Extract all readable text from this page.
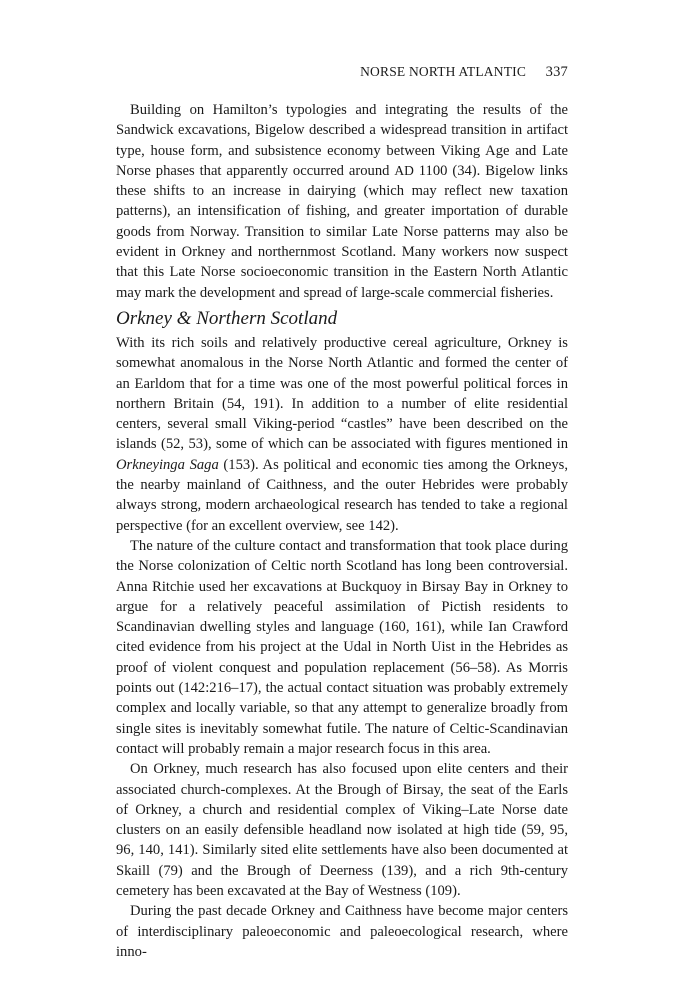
NORSE NORTH ATLANTIC 337

Building on Hamilton’s typologies and integrating the results of the Sandwick excavations, Bigelow described a widespread transition in artifact type, house form, and subsistence economy between Viking Age and Late Norse phases that apparently occurred around AD 1100 (34). Bigelow links these shifts to an increase in dairying (which may reflect new taxation patterns), an intensification of fishing, and greater importation of durable goods from Norway. Transition to similar Late Norse patterns may also be evident in Orkney and northernmost Scotland. Many workers now suspect that this Late Norse socioeconomic transition in the Eastern North Atlantic may mark the development and spread of large-scale commercial fisheries.

Orkney & Northern Scotland

With its rich soils and relatively productive cereal agriculture, Orkney is somewhat anomalous in the Norse North Atlantic and formed the center of an Earldom that for a time was one of the most powerful political forces in northern Britain (54, 191). In addition to a number of elite residential centers, several small Viking-period “castles” have been described on the islands (52, 53), some of which can be associated with figures mentioned in Orkneyinga Saga (153). As political and economic ties among the Orkneys, the nearby mainland of Caithness, and the outer Hebrides were probably always strong, modern archaeological research has tended to take a regional perspective (for an excellent overview, see 142).

The nature of the culture contact and transformation that took place during the Norse colonization of Celtic north Scotland has long been controversial. Anna Ritchie used her excavations at Buckquoy in Birsay Bay in Orkney to argue for a relatively peaceful assimilation of Pictish residents to Scandinavian dwelling styles and language (160, 161), while Ian Crawford cited evidence from his project at the Udal in North Uist in the Hebrides as proof of violent conquest and population replacement (56–58). As Morris points out (142:216–17), the actual contact situation was probably extremely complex and locally variable, so that any attempt to generalize broadly from single sites is inevitably somewhat futile. The nature of Celtic-Scandinavian contact will probably remain a major research focus in this area.

On Orkney, much research has also focused upon elite centers and their associated church-complexes. At the Brough of Birsay, the seat of the Earls of Orkney, a church and residential complex of Viking–Late Norse date clusters on an easily defensible headland now isolated at high tide (59, 95, 96, 140, 141). Similarly sited elite settlements have also been documented at Skaill (79) and the Brough of Deerness (139), and a rich 9th-century cemetery has been excavated at the Bay of Westness (109).

During the past decade Orkney and Caithness have become major centers of interdisciplinary paleoeconomic and paleoecological research, where inno-
